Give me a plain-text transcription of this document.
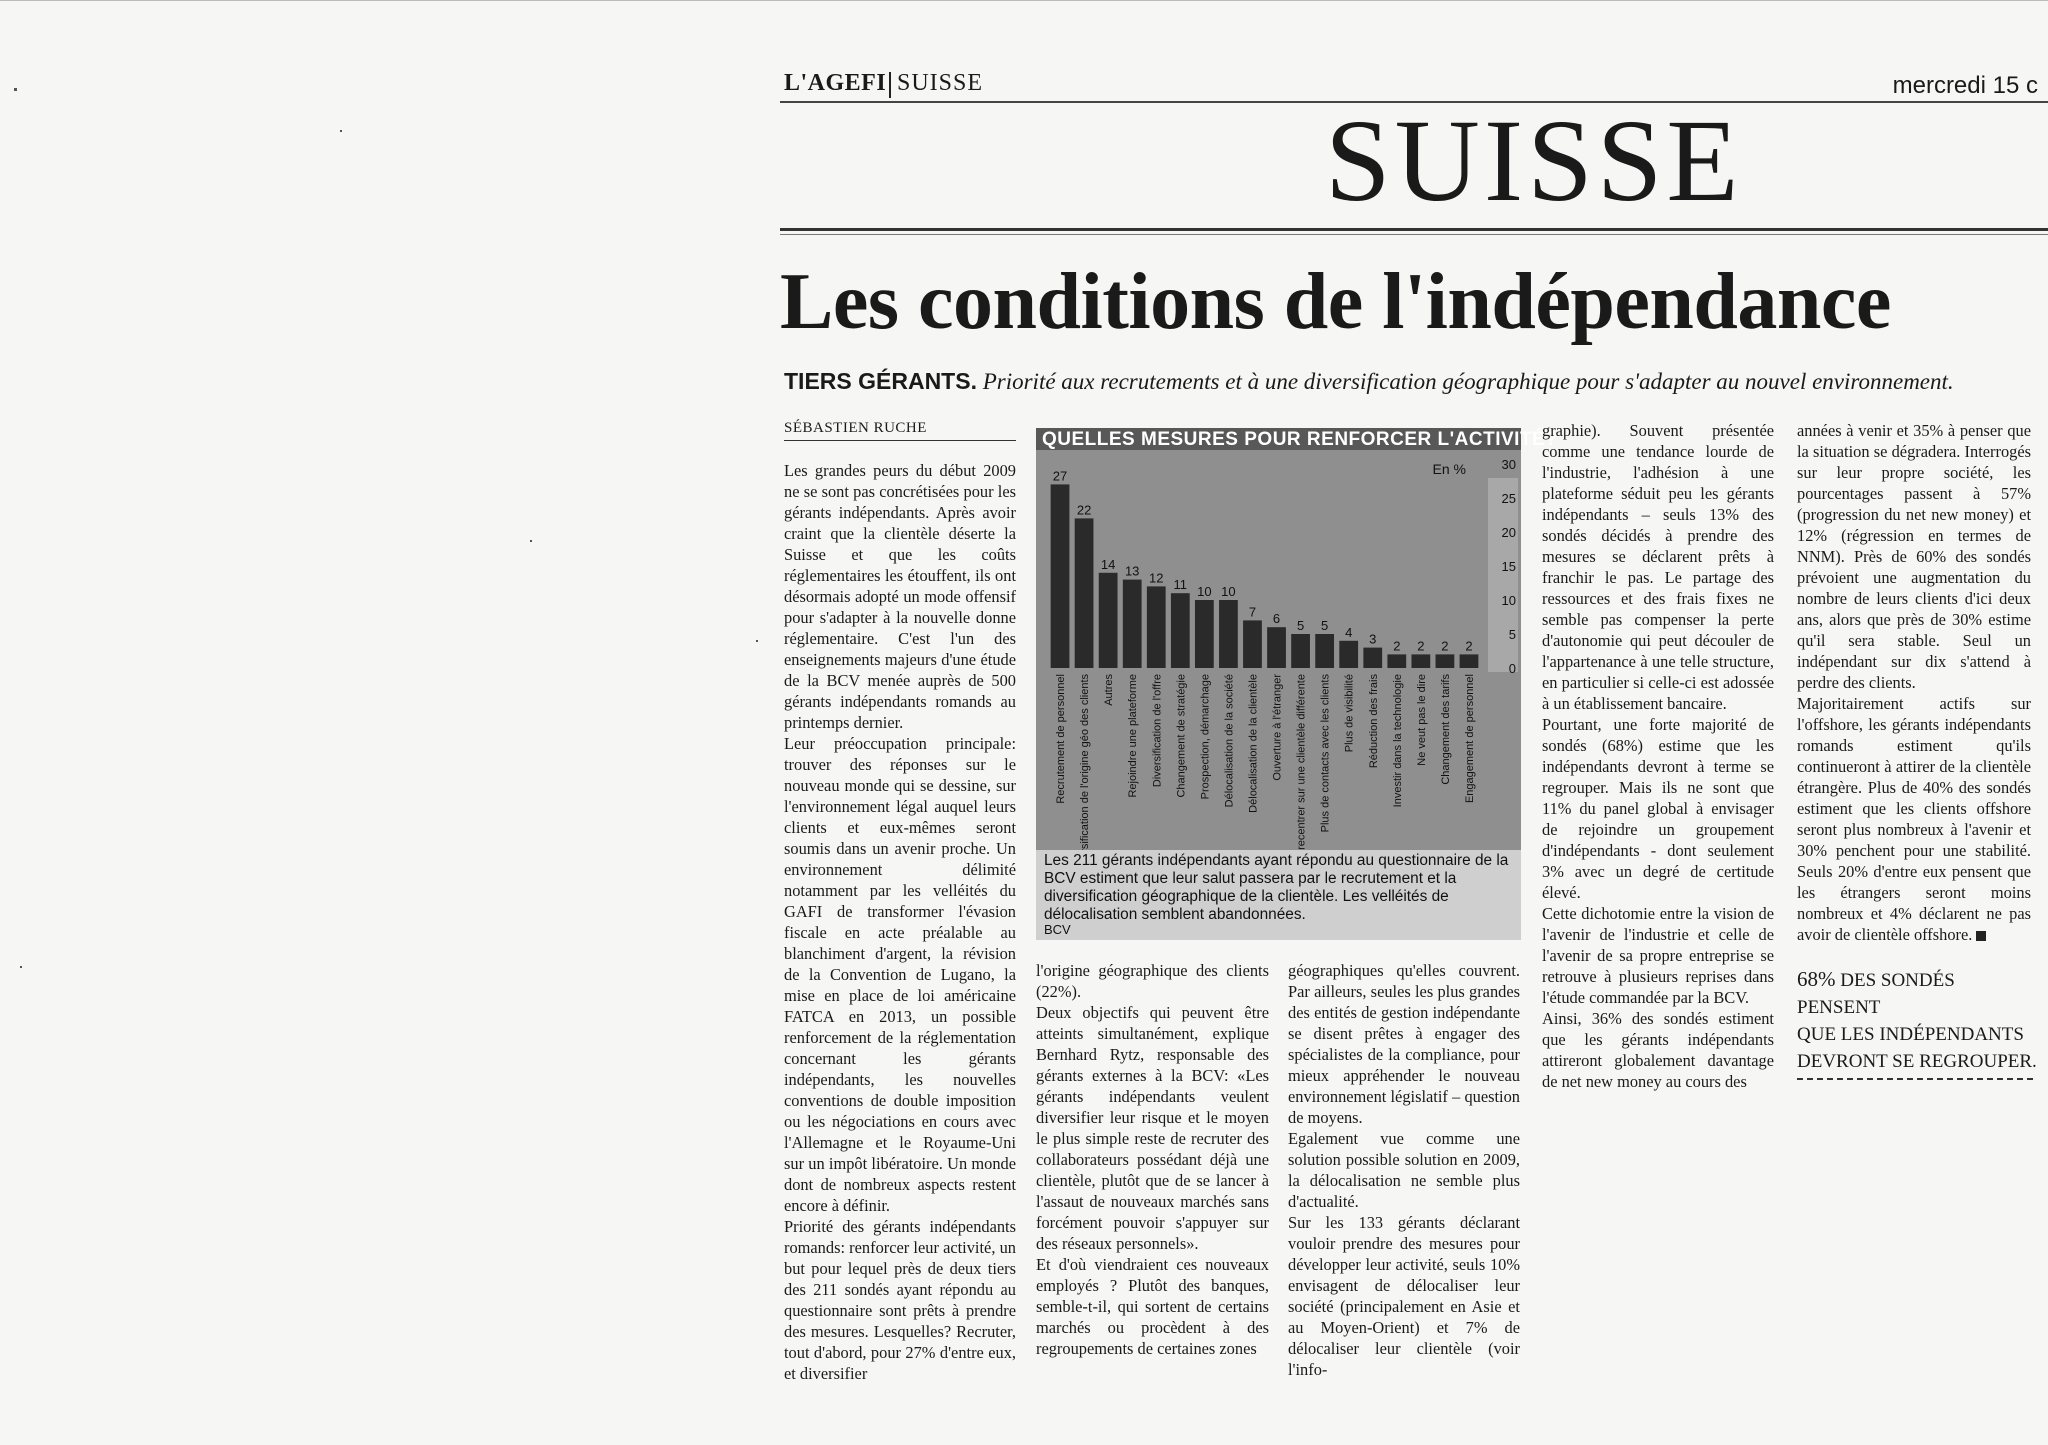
L'AGEFI SUISSE	mercredi 15 c
SUISSE
Les conditions de l'indépendance
TIERS GÉRANTS. Priorité aux recrutements et à une diversification géographique pour s'adapter au nouvel environnement.
SÉBASTIEN RUCHE

Les grandes peurs du début 2009 ne se sont pas concrétisées pour les gérants indépendants. Après avoir craint que la clientèle déserte la Suisse et que les coûts réglementaires les étouffent, ils ont désormais adopté un mode offensif pour s'adapter à la nouvelle donne réglementaire. C'est l'un des enseignements majeurs d'une étude de la BCV menée auprès de 500 gérants indépendants romands au printemps dernier.

Leur préoccupation principale: trouver des réponses sur le nouveau monde qui se dessine, sur l'environnement légal auquel leurs clients et eux-mêmes seront soumis dans un avenir proche. Un environnement délimité notamment par les velléités du GAFI de transformer l'évasion fiscale en acte préalable au blanchiment d'argent, la révision de la Convention de Lugano, la mise en place de loi américaine FATCA en 2013, un possible renforcement de la réglementation concernant les gérants indépendants, les nouvelles conventions de double imposition ou les négociations en cours avec l'Allemagne et le Royaume-Uni sur un impôt libératoire. Un monde dont de nombreux aspects restent encore à définir.

Priorité des gérants indépendants romands: renforcer leur activité, un but pour lequel près de deux tiers des 211 sondés ayant répondu au questionnaire sont prêts à prendre des mesures. Lesquelles? Recruter, tout d'abord, pour 27% d'entre eux, et diversifier

QUELLES MESURES POUR RENFORCER L'ACTIVITÉ?
En %
0
5
10
15
20
25
30
27
Recrutement de personnel
22
Diversification de l'origine géo des clients
14
Autres
13
Rejoindre une plateforme
12
Diversification de l'offre
11
Changement de stratégie
10
Prospection, démarchage
10
Délocalisation de la société
7
Délocalisation de la clientèle
6
Ouverture à l'étranger
5
Se recentrer sur une clientèle différente
5
Plus de contacts avec les clients
4
Plus de visibilité
3
Réduction des frais
2
Investir dans la technologie
2
Ne veut pas le dire
2
Changement des tarifs
2
Engagement de personnel
Les 211 gérants indépendants ayant répondu au questionnaire de la BCV estiment que leur salut passera par le recrutement et la diversification géographique de la clientèle. Les velléités de délocalisation semblent abandonnées.
BCV

l'origine géographique des clients (22%).

Deux objectifs qui peuvent être atteints simultanément, explique Bernhard Rytz, responsable des gérants externes à la BCV: «Les gérants indépendants veulent diversifier leur risque et le moyen le plus simple reste de recruter des collaborateurs possédant déjà une clientèle, plutôt que de se lancer à l'assaut de nouveaux marchés sans forcément pouvoir s'appuyer sur des réseaux personnels».

Et d'où viendraient ces nouveaux employés ? Plutôt des banques, semble-t-il, qui sortent de certains marchés ou procèdent à des regroupements de certaines zones

géographiques qu'elles couvrent. Par ailleurs, seules les plus grandes des entités de gestion indépendante se disent prêtes à engager des spécialistes de la compliance, pour mieux appréhender le nouveau environnement législatif – question de moyens.

Egalement vue comme une solution possible solution en 2009, la délocalisation ne semble plus d'actualité.

Sur les 133 gérants déclarant vouloir prendre des mesures pour développer leur activité, seuls 10% envisagent de délocaliser leur société (principalement en Asie et au Moyen-Orient) et 7% de délocaliser leur clientèle (voir l'info-

graphie). Souvent présentée comme une tendance lourde de l'industrie, l'adhésion à une plateforme séduit peu les gérants indépendants – seuls 13% des sondés décidés à prendre des mesures se déclarent prêts à franchir le pas. Le partage des ressources et des frais fixes ne semble pas compenser la perte d'autonomie qui peut découler de l'appartenance à une telle structure, en particulier si celle-ci est adossée à un établissement bancaire.

Pourtant, une forte majorité de sondés (68%) estime que les indépendants devront à terme se regrouper. Mais ils ne sont que 11% du panel global à envisager de rejoindre un groupement d'indépendants - dont seulement 3% avec un degré de certitude élevé.

Cette dichotomie entre la vision de l'avenir de l'industrie et celle de l'avenir de sa propre entreprise se retrouve à plusieurs reprises dans l'étude commandée par la BCV.

Ainsi, 36% des sondés estiment que les gérants indépendants attireront globalement davantage de net new money au cours des

années à venir et 35% à penser que la situation se dégradera. Interrogés sur leur propre société, les pourcentages passent à 57% (progression du net new money) et 12% (régression en termes de NNM). Près de 60% des sondés prévoient une augmentation du nombre de leurs clients d'ici deux ans, alors que près de 30% estime qu'il sera stable. Seul un indépendant sur dix s'attend à perdre des clients.

Majoritairement actifs sur l'offshore, les gérants indépendants romands estiment qu'ils continueront à attirer de la clientèle étrangère. Plus de 40% des sondés estiment que les clients offshore seront plus nombreux à l'avenir et 30% penchent pour une stabilité. Seuls 20% d'entre eux pensent que les étrangers seront moins nombreux et 4% déclarent ne pas avoir de clientèle offshore.

68% DES SONDÉS
PENSENT
QUE LES INDÉPENDANTS
DEVRONT SE REGROUPER.
